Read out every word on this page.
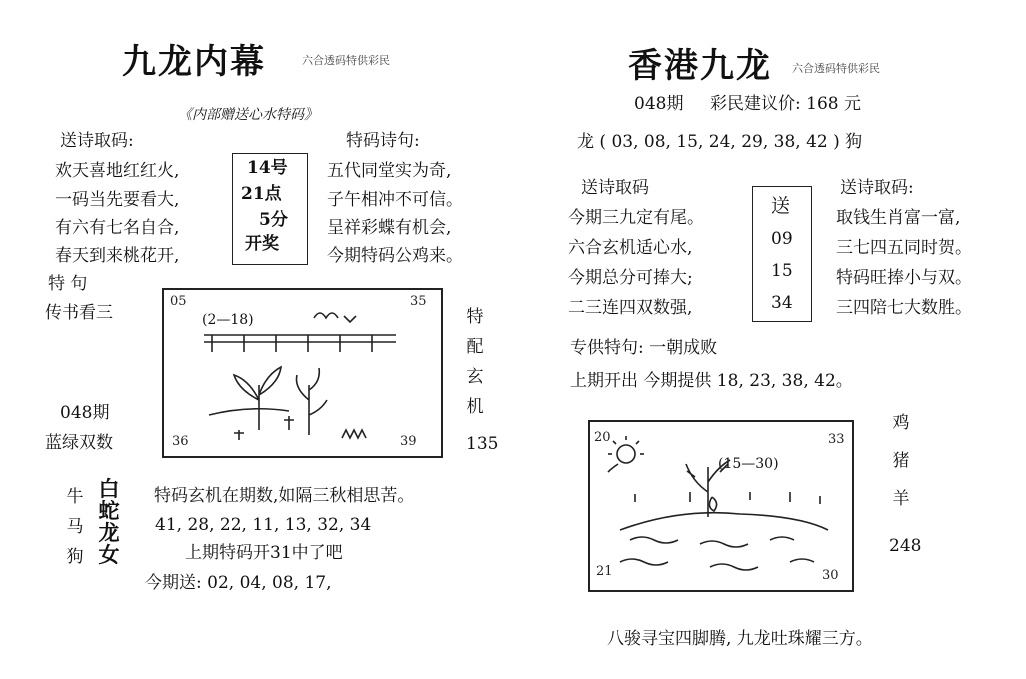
九龙内幕	六合透码特供彩民
《内部赠送心水特码》
送诗取码:
欢天喜地红红火,
一码当先要看大,
有六有七名自合,
春天到来桃花开,
14号
21点
5分
开奖
特码诗句:
五代同堂实为奇,
子午相冲不可信。
呈祥彩蝶有机会,
今期特码公鸡来。
特 句
传书看三
048期
蓝绿双数
05	35
36	39
(2—18)	特
配
玄
机
135
牛
马
狗
白
蛇
龙
女
特码玄机在期数,如隔三秋相思苦。
41, 28, 22, 11, 13, 32, 34
上期特码开31中了吧
今期送: 02, 04, 08, 17,
香港九龙 六合透码特供彩民
048期 彩民建议价: 168 元
龙 ( 03, 08, 15, 24, 29, 38, 42 ) 狗
送诗取码
今期三九定有尾。
六合玄机适心水,
今期总分可捧大;
二三连四双数强,
送
09
15
34
送诗取码:
取钱生肖富一富,
三七四五同时贺。
特码旺捧小与双。
三四陪七大数胜。
专供特句: 一朝成败
上期开出 今期提供 18, 23, 38, 42。
20	33
21	30
(15—30)
鸡
猪
羊
248
八骏寻宝四脚腾, 九龙吐珠耀三方。
